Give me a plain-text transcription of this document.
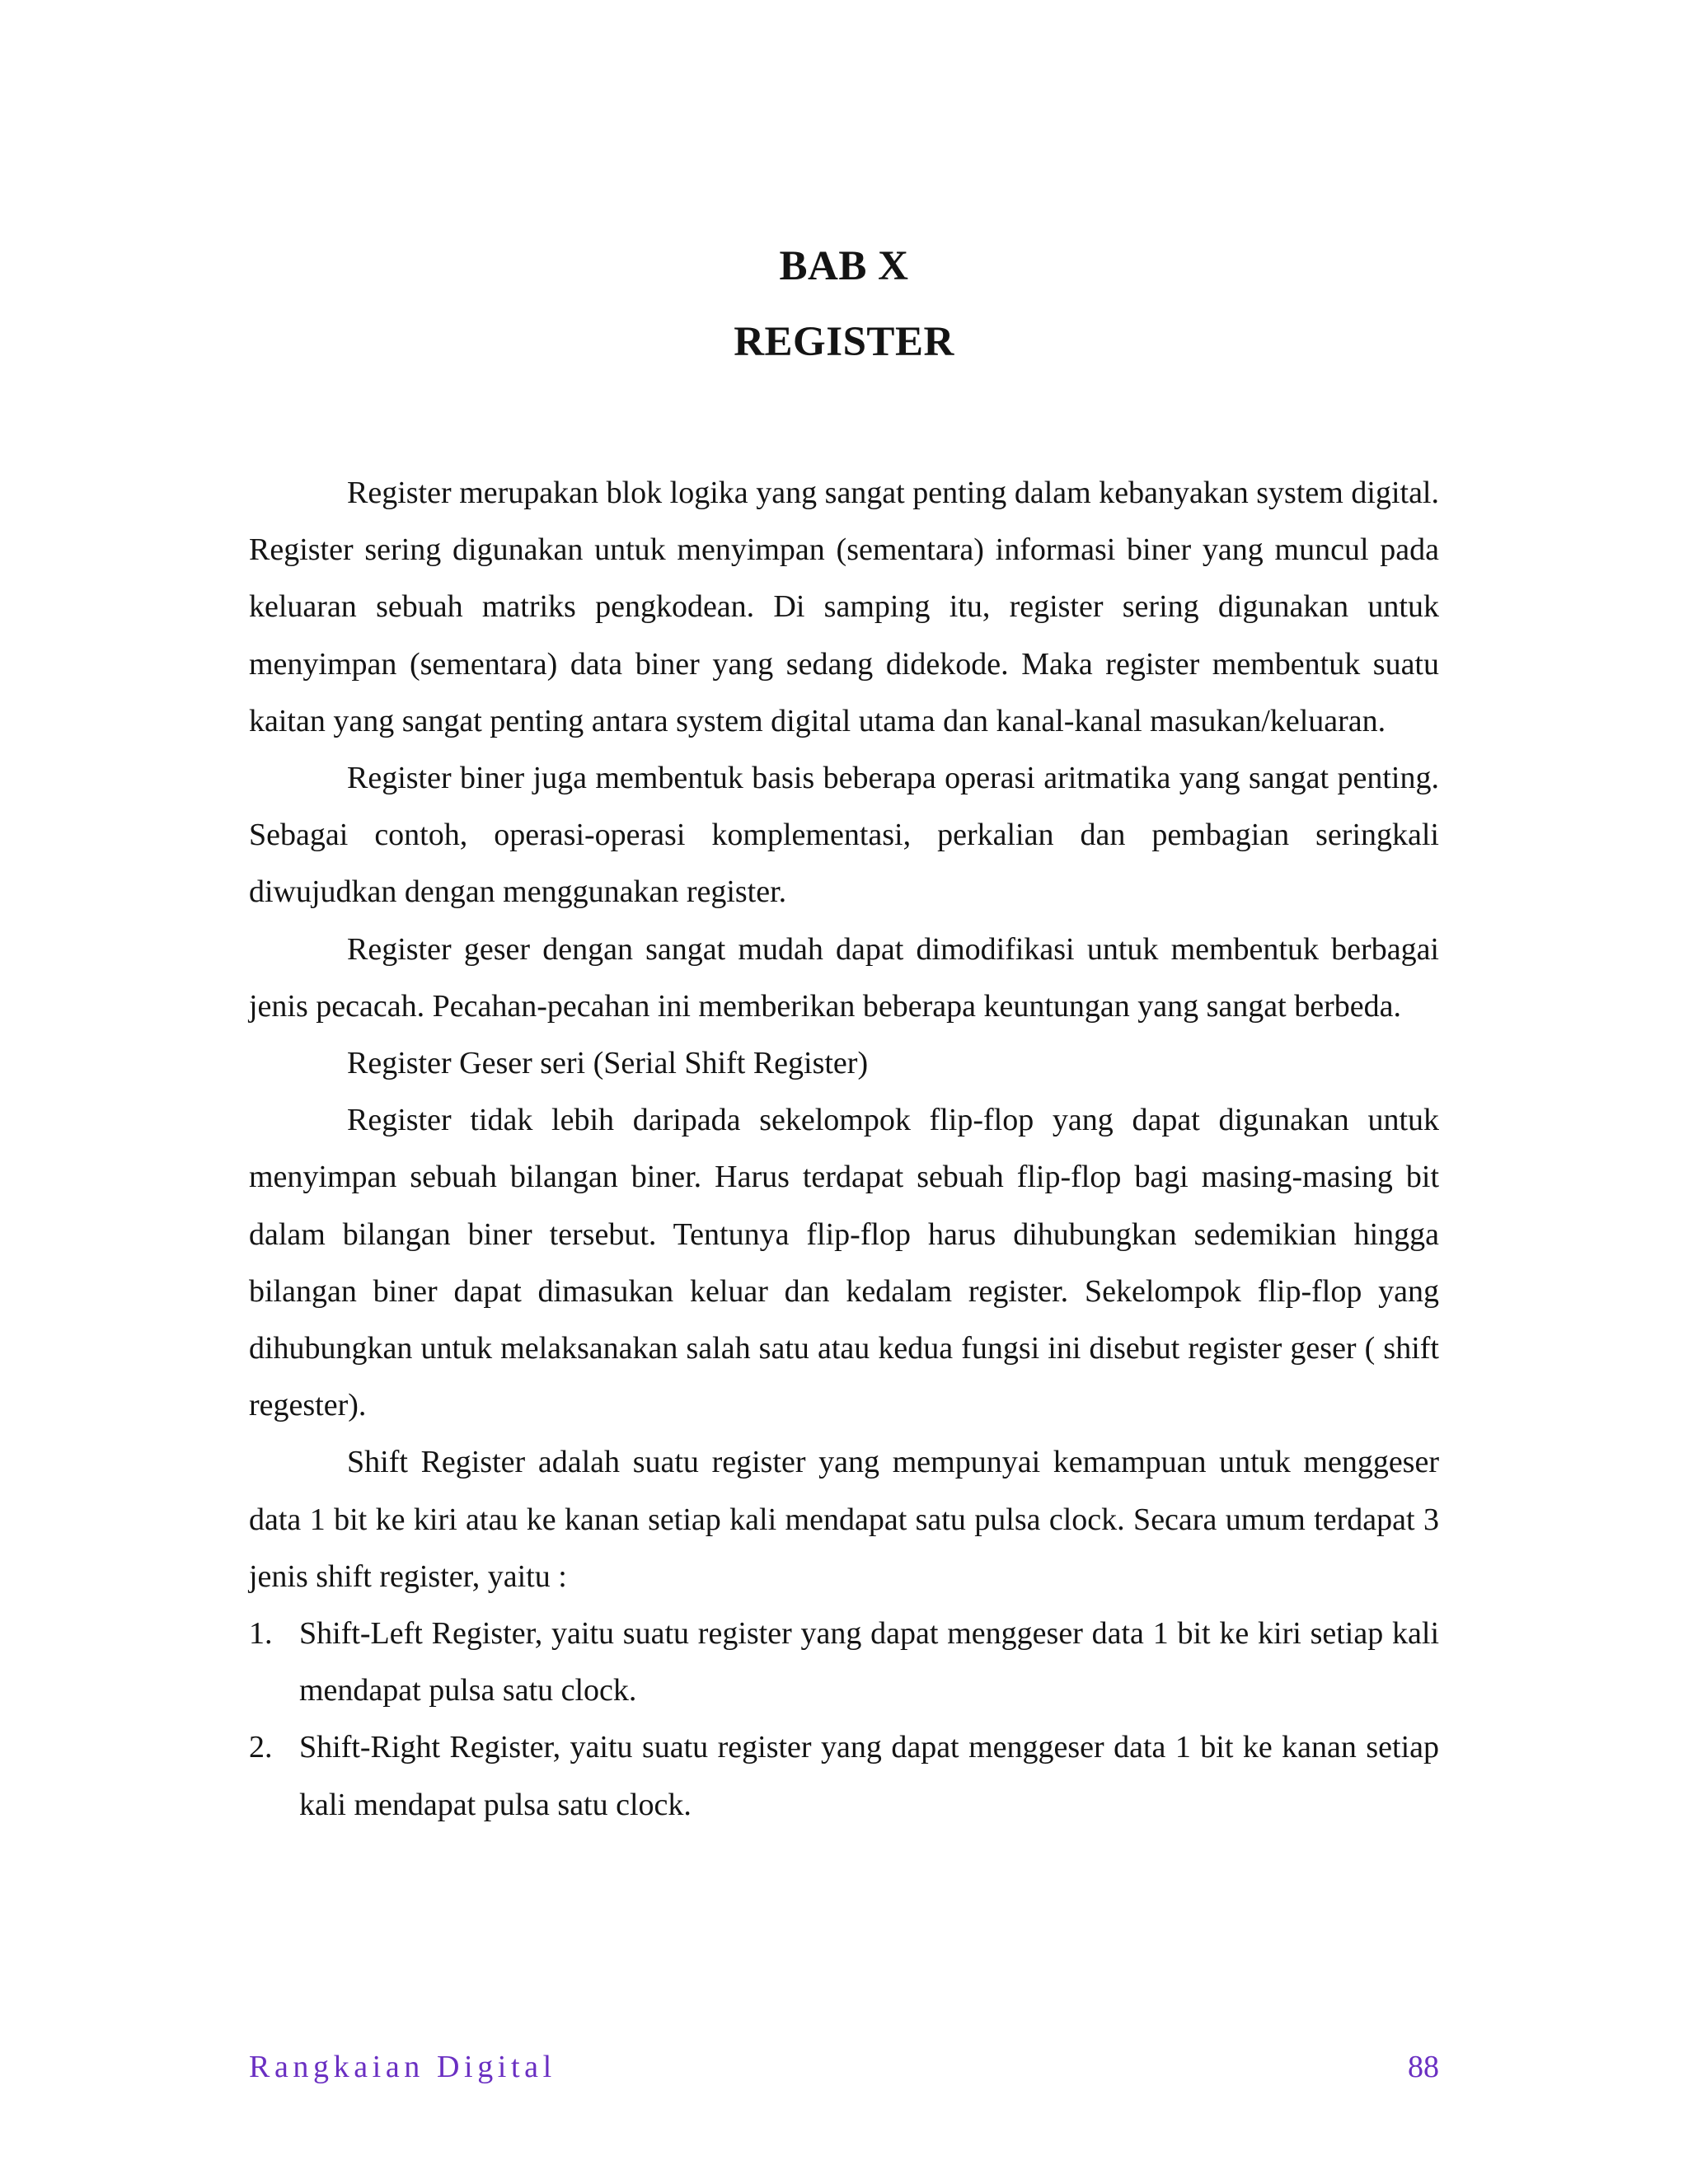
BAB X
REGISTER

Register merupakan blok logika yang sangat penting dalam kebanyakan system digital. Register sering digunakan untuk menyimpan (sementara) informasi biner yang muncul pada keluaran sebuah matriks pengkodean. Di samping itu, register sering digunakan untuk menyimpan (sementara) data biner yang sedang didekode. Maka register membentuk suatu kaitan yang sangat penting antara system digital utama dan kanal-kanal masukan/keluaran.

Register biner juga membentuk basis beberapa operasi aritmatika yang sangat penting. Sebagai contoh, operasi-operasi komplementasi, perkalian dan pembagian seringkali diwujudkan dengan menggunakan register.

Register geser dengan sangat mudah dapat dimodifikasi untuk membentuk berbagai jenis pecacah. Pecahan-pecahan ini memberikan beberapa keuntungan yang sangat berbeda.

Register Geser seri (Serial Shift Register)

Register tidak lebih daripada sekelompok flip-flop yang dapat digunakan untuk menyimpan sebuah bilangan biner. Harus terdapat sebuah flip-flop bagi masing-masing bit dalam bilangan biner tersebut. Tentunya flip-flop harus dihubungkan sedemikian hingga bilangan biner dapat dimasukan keluar dan kedalam register. Sekelompok flip-flop yang dihubungkan untuk melaksanakan salah satu atau kedua fungsi ini disebut register geser ( shift regester).

Shift Register adalah suatu register yang mempunyai kemampuan untuk menggeser data 1 bit ke kiri atau ke kanan setiap kali mendapat satu pulsa clock. Secara umum terdapat 3 jenis shift register, yaitu :

1. Shift-Left Register, yaitu suatu register yang dapat menggeser data 1 bit ke kiri setiap kali mendapat pulsa satu clock.
2. Shift-Right Register, yaitu suatu register yang dapat menggeser data 1 bit ke kanan setiap kali mendapat pulsa satu clock.
Rangkaian Digital	88
